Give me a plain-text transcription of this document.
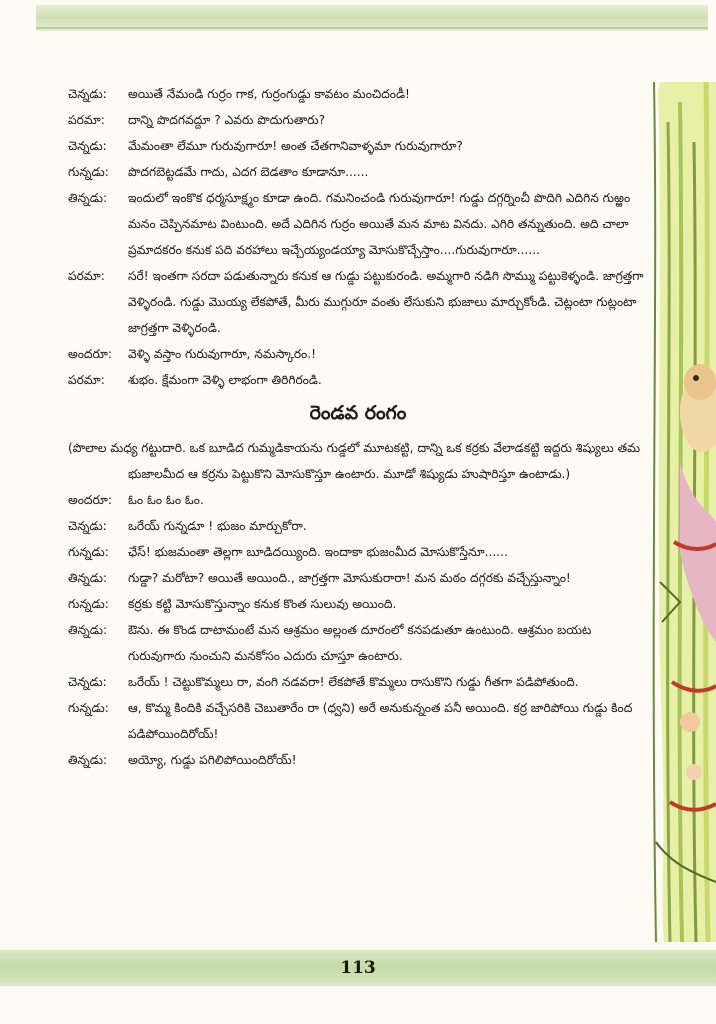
చెన్నడు:	అయితే నేమండి గుర్రం గాక, గుర్రంగుడ్డు కావటం మంచిదండీ!
పరమా:	దాన్ని పొదగవద్దూ ? ఎవరు పొదుగుతారు?
చెన్నడు:	మేమంతా లేమూ గురువుగారూ! అంత చేతగానివాళ్ళమా గురువుగారూ?
గున్నడు:	పొదగబెట్టడమే గాదు, ఎదగ బెడతాం కూడానూ......
తిన్నడు:	ఇందులో ఇంకొక ధర్మసూక్ష్మం కూడా ఉంది. గమనించండి గురువుగారూ! గుడ్డు దగ్గర్నించీ పొదిగి ఎదిగిన గుఱ్ఱం మనం చెప్పినమాట వింటుంది. అదే ఎదిగిన గుర్రం అయితే మన మాట వినదు. ఎగిరి తన్నుతుంది. అది చాలా ప్రమాదకరం కనుక పది వరహాలు ఇచ్చేయ్యండయ్యా మోసుకొచ్చేస్తాం....గురువుగారూ......
పరమా:	సరే! ఇంతగా సరదా పడుతున్నారు కనుక ఆ గుడ్డు పట్టుకురండి. అమ్మగారి నడిగి సొమ్ము పట్టుకెళ్ళండి. జాగ్రత్తగా వెళ్ళిరండి. గుడ్డు మొయ్య లేకపోతే, మీరు ముగ్గురూ వంతు లేసుకుని భుజాలు మార్చుకోండి. చెట్లంటా గుట్లంటా జాగ్రత్తగా వెళ్ళిరండి.
అందరూ:	వెళ్ళి వస్తాం గురువుగారూ, నమస్కారం.!
పరమా:	శుభం. క్షేమంగా వెళ్ళి లాభంగా తిరిగిరండి.
రెండవ రంగం
(పొలాల మధ్య గట్టుదారి. ఒక బూడిద గుమ్మడికాయను గుడ్డలో మూటకట్టి, దాన్ని ఒక కర్రకు వేలాడకట్టి ఇద్దరు శిష్యులు తమ భుజాలమీద ఆ కర్రను పెట్టుకొని మోసుకొస్తూ ఉంటారు. మూడో శిష్యుడు హుషారిస్తూ ఉంటాడు.)
అందరూ:	ఓం ఓం ఓం ఓం.
చెన్నడు:	ఒరేయ్ గున్నడూ ! భుజం మార్చుకోరా.
గున్నడు:	ఛేస్! భుజమంతా తెల్లగా బూడిదయ్యింది. ఇందాకా భుజంమీద మోసుకొస్తేనూ......
తిన్నడు:	గుడ్డా? మరోటా? అయితే అయింది., జాగ్రత్తగా మోసుకురారా! మన మఠం దగ్గరకు వచ్చేస్తున్నాం!
గున్నడు:	కర్రకు కట్టి మోసుకొస్తున్నాం కనుక కొంత సులువు అయింది.
తిన్నడు:	ఔను. ఈ కొండ దాటామంటే మన ఆశ్రమం అల్లంత దూరంలో కనపడుతూ ఉంటుంది. ఆశ్రమం బయట గురువుగారు నుంచుని మనకోసం ఎదురు చూస్తూ ఉంటారు.
చెన్నడు:	ఒరేయ్ ! చెట్టుకొమ్మలు రా, వంగి నడవరా! లేకపోతే కొమ్మలు రాసుకొని గుడ్డు గీతగా పడిపోతుంది.
గున్నడు:	ఆ, కొమ్మ కిందికి వచ్చేసరికి చెబుతారేం రా (ధ్వని) అరే అనుకున్నంత పనీ అయింది. కర్ర జారిపోయి గుడ్డు కింద పడిపోయిందిరోయ్!
తిన్నడు:	అయ్యో, గుడ్డు పగిలిపోయిందిరోయ్!
113
